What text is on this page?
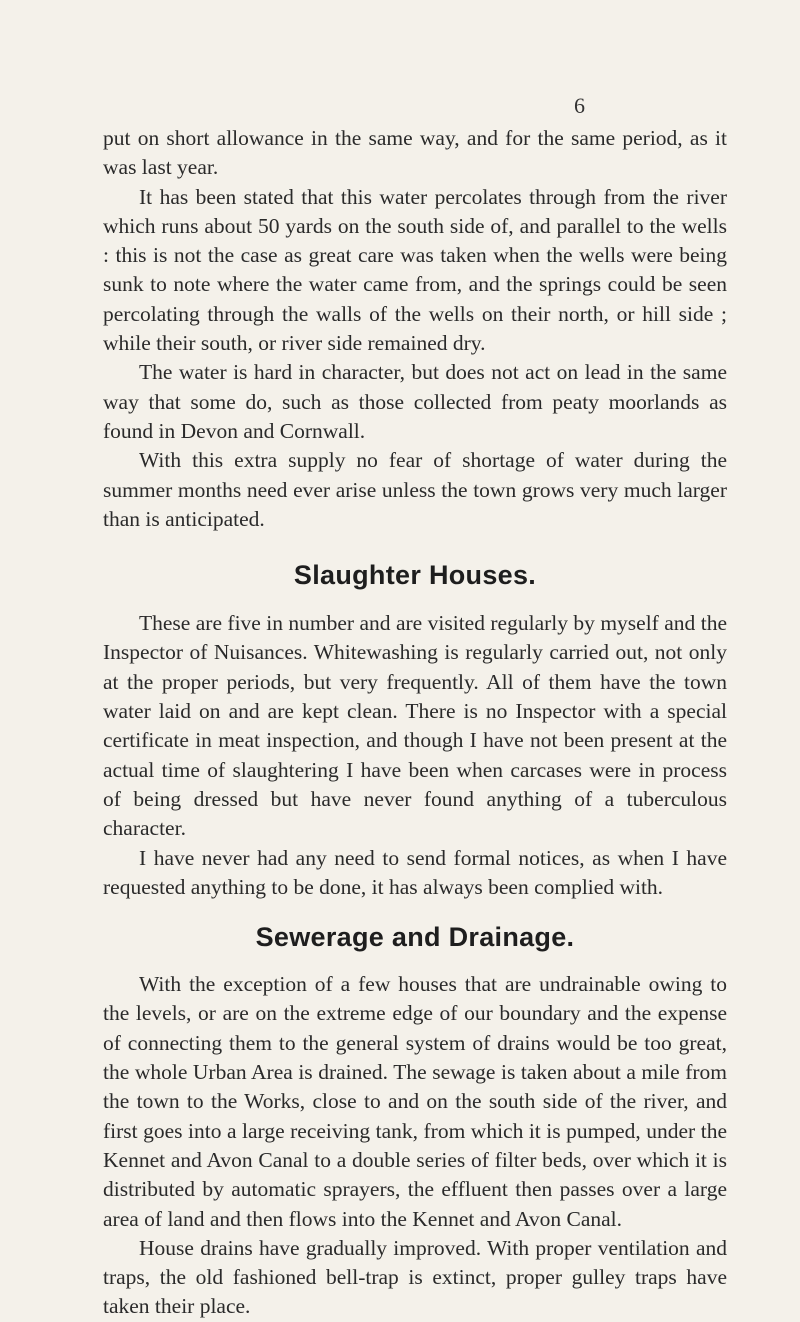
6

put on short allowance in the same way, and for the same period, as it was last year.

It has been stated that this water percolates through from the river which runs about 50 yards on the south side of, and parallel to the wells : this is not the case as great care was taken when the wells were being sunk to note where the water came from, and the springs could be seen percolating through the walls of the wells on their north, or hill side ; while their south, or river side remained dry.

The water is hard in character, but does not act on lead in the same way that some do, such as those collected from peaty moorlands as found in Devon and Cornwall.

With this extra supply no fear of shortage of water during the summer months need ever arise unless the town grows very much larger than is anticipated.

Slaughter Houses.

These are five in number and are visited regularly by myself and the Inspector of Nuisances. Whitewashing is regularly carried out, not only at the proper periods, but very frequently. All of them have the town water laid on and are kept clean. There is no Inspector with a special certificate in meat inspection, and though I have not been present at the actual time of slaughtering I have been when carcases were in process of being dressed but have never found anything of a tuberculous character.

I have never had any need to send formal notices, as when I have requested anything to be done, it has always been complied with.

Sewerage and Drainage.

With the exception of a few houses that are undrainable owing to the levels, or are on the extreme edge of our boundary and the expense of connecting them to the general system of drains would be too great, the whole Urban Area is drained. The sewage is taken about a mile from the town to the Works, close to and on the south side of the river, and first goes into a large receiving tank, from which it is pumped, under the Kennet and Avon Canal to a double series of filter beds, over which it is distributed by automatic sprayers, the effluent then passes over a large area of land and then flows into the Kennet and Avon Canal.

House drains have gradually improved. With proper ventilation and traps, the old fashioned bell-trap is extinct, proper gulley traps have taken their place.
